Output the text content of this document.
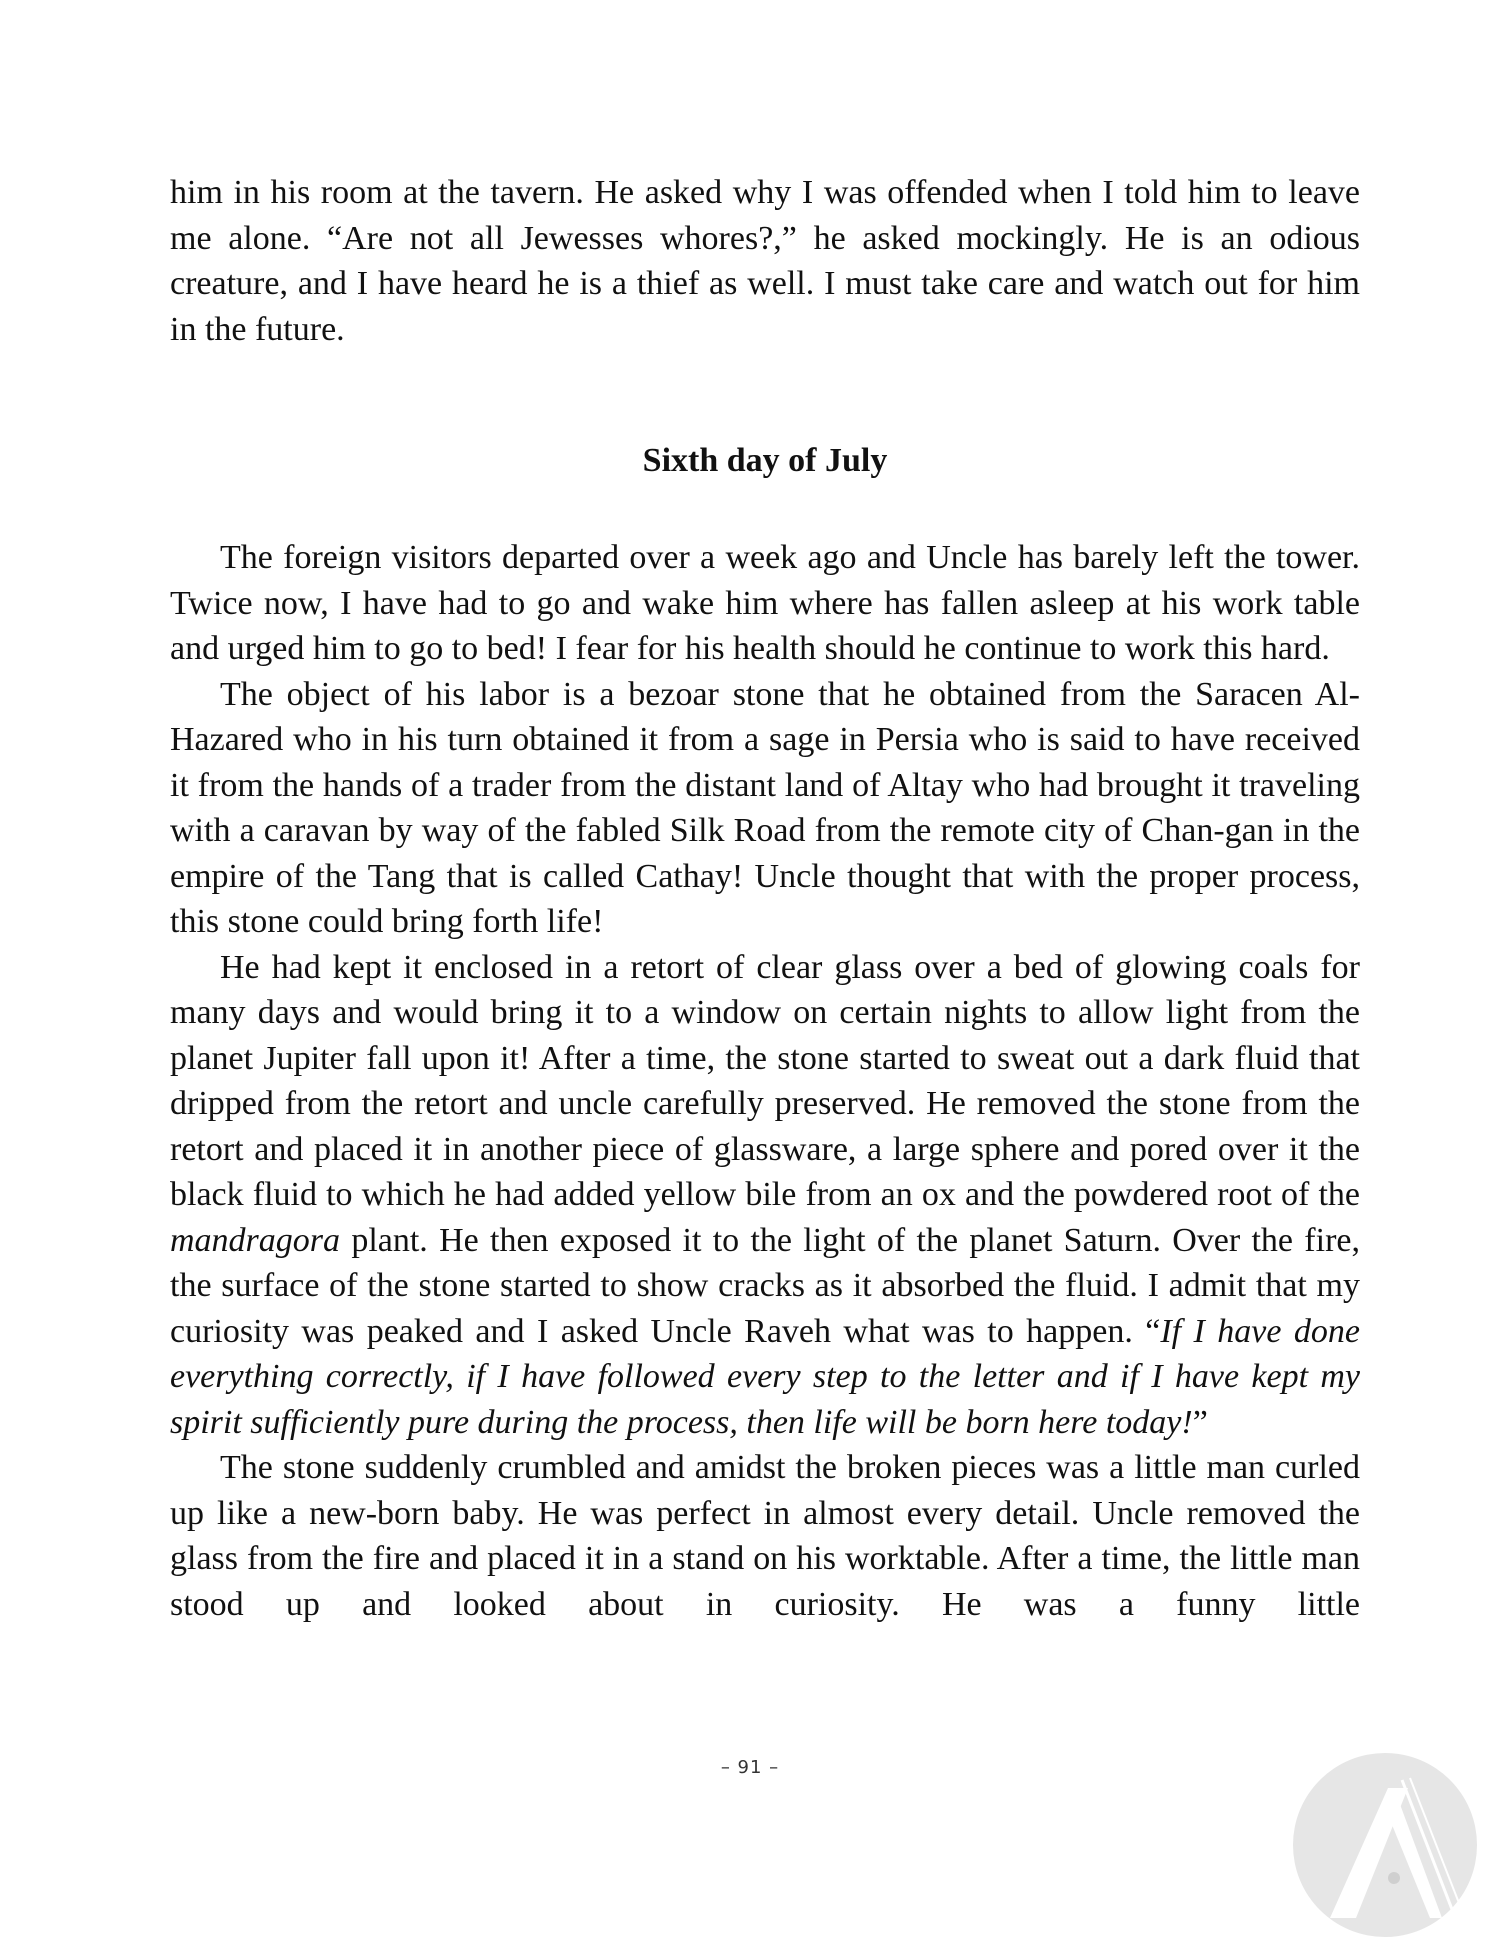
him in his room at the tavern. He asked why I was offended when I told him to leave me alone. “Are not all Jewesses whores?,” he asked mockingly. He is an odious creature, and I have heard he is a thief as well. I must take care and watch out for him in the future.

Sixth day of July

The foreign visitors departed over a week ago and Uncle has barely left the tower. Twice now, I have had to go and wake him where has fallen asleep at his work table and urged him to go to bed! I fear for his health should he continue to work this hard.

The object of his labor is a bezoar stone that he obtained from the Saracen Al-Hazared who in his turn obtained it from a sage in Persia who is said to have received it from the hands of a trader from the distant land of Altay who had brought it traveling with a caravan by way of the fabled Silk Road from the remote city of Chan-gan in the empire of the Tang that is called Cathay! Uncle thought that with the proper process, this stone could bring forth life!

He had kept it enclosed in a retort of clear glass over a bed of glowing coals for many days and would bring it to a window on certain nights to allow light from the planet Jupiter fall upon it! After a time, the stone started to sweat out a dark fluid that dripped from the retort and uncle carefully preserved. He removed the stone from the retort and placed it in another piece of glassware, a large sphere and pored over it the black fluid to which he had added yellow bile from an ox and the powdered root of the mandragora plant. He then exposed it to the light of the planet Saturn. Over the fire, the surface of the stone started to show cracks as it absorbed the fluid. I admit that my curiosity was peaked and I asked Uncle Raveh what was to happen. “If I have done everything correctly, if I have followed every step to the letter and if I have kept my spirit sufficiently pure during the process, then life will be born here today!”

The stone suddenly crumbled and amidst the broken pieces was a little man curled up like a new-born baby. He was perfect in almost every detail. Uncle removed the glass from the fire and placed it in a stand on his worktable. After a time, the little man stood up and looked about in curiosity. He was a funny little

– 91 –
